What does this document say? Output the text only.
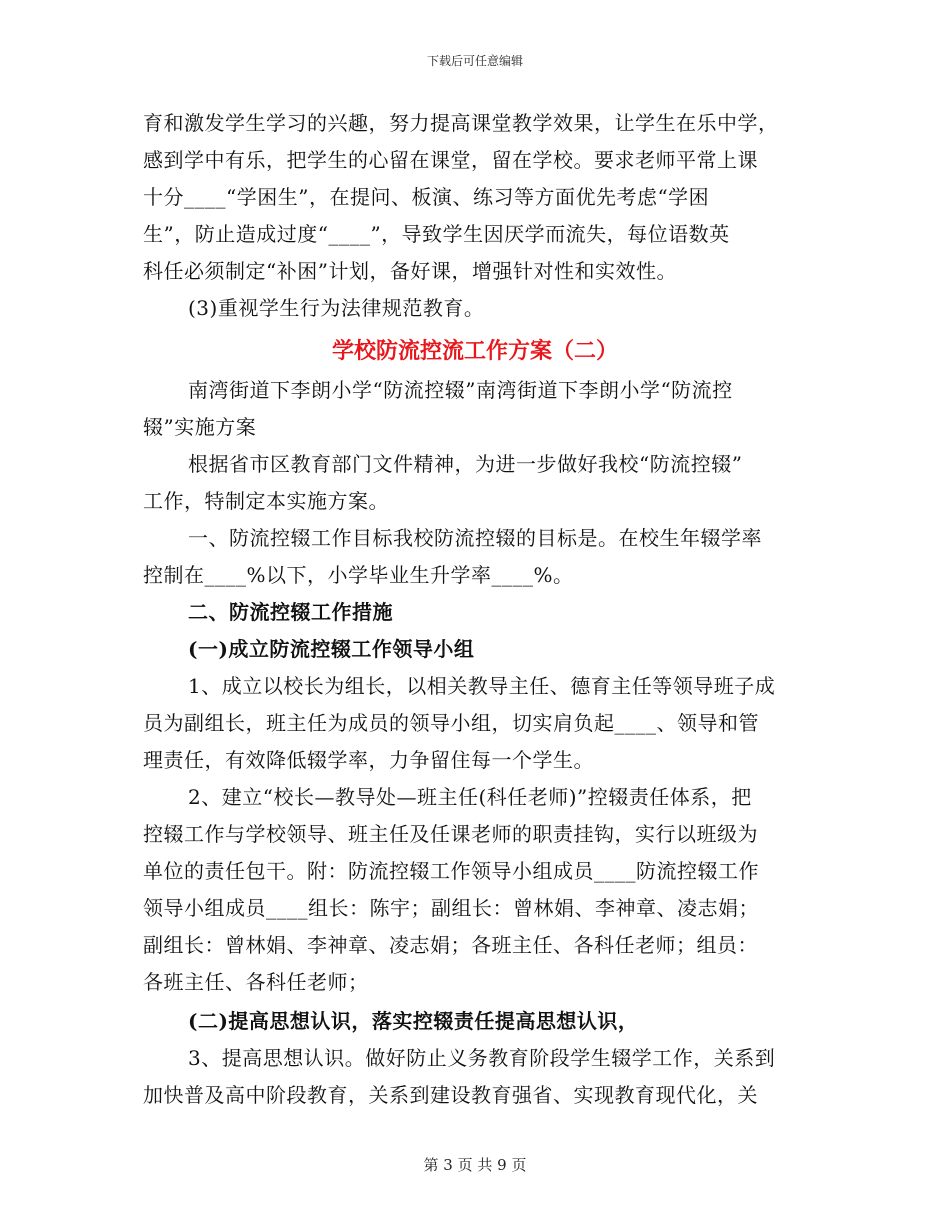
下载后可任意编辑
育和激发学生学习的兴趣，努力提高课堂教学效果，让学生在乐中学，
感到学中有乐，把学生的心留在课堂，留在学校。要求老师平常上课
十分____“学困生”，在提问、板演、练习等方面优先考虑“学困
生”，防止造成过度“____”，导致学生因厌学而流失，每位语数英
科任必须制定“补困”计划，备好课，增强针对性和实效性。
(3)重视学生行为法律规范教育。
学校防流控流工作方案（二）
南湾街道下李朗小学“防流控辍”南湾街道下李朗小学“防流控
辍”实施方案
根据省市区教育部门文件精神，为进一步做好我校“防流控辍”
工作，特制定本实施方案。
一、防流控辍工作目标我校防流控辍的目标是。在校生年辍学率
控制在____%以下，小学毕业生升学率____%。
二、防流控辍工作措施
(一)成立防流控辍工作领导小组
1、成立以校长为组长，以相关教导主任、德育主任等领导班子成
员为副组长，班主任为成员的领导小组，切实肩负起____、领导和管
理责任，有效降低辍学率，力争留住每一个学生。
2、建立“校长—教导处—班主任(科任老师)”控辍责任体系，把
控辍工作与学校领导、班主任及任课老师的职责挂钩，实行以班级为
单位的责任包干。附：防流控辍工作领导小组成员____防流控辍工作
领导小组成员____组长：陈宇；副组长：曾林娟、李神章、凌志娟；
副组长：曾林娟、李神章、凌志娟；各班主任、各科任老师；组员：
各班主任、各科任老师；
(二)提高思想认识，落实控辍责任提高思想认识，
3、提高思想认识。做好防止义务教育阶段学生辍学工作，关系到
加快普及高中阶段教育，关系到建设教育强省、实现教育现代化，关
第 3 页 共 9 页
